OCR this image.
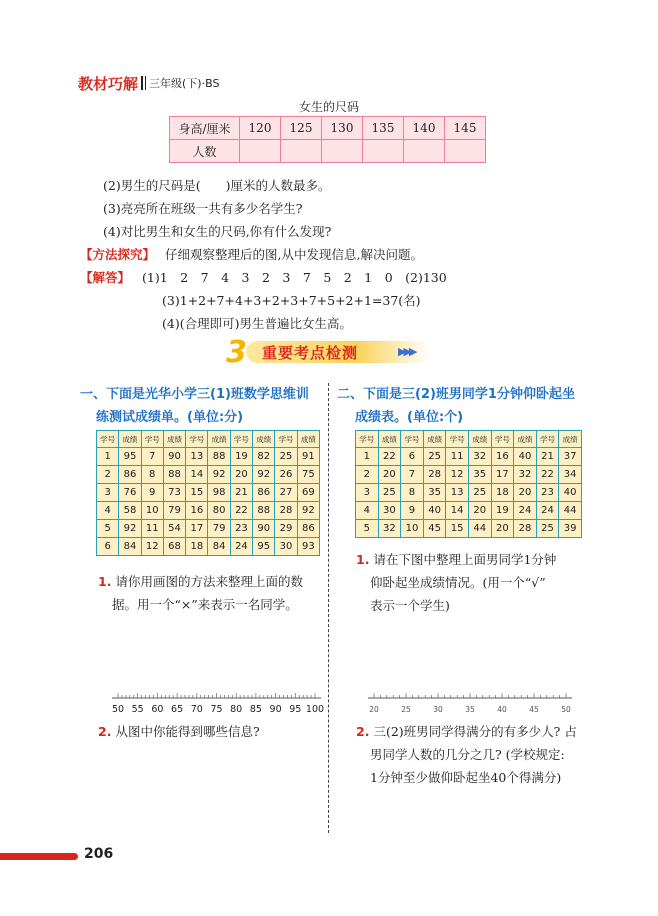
教材巧解 三年级(下)·BS
女生的尺码
身高/厘米	120	125	130	135	140	145
人数						
(2)男生的尺码是(　　)厘米的人数最多。
(3)亮亮所在班级一共有多少名学生?
(4)对比男生和女生的尺码,你有什么发现?
【方法探究】 仔细观察整理后的图,从中发现信息,解决问题。
【解答】 (1)1　2　7　4　3　2　3　7　5　2　1　0　(2)130
(3)1+2+7+4+3+2+3+7+5+2+1=37(名)
(4)(合理即可)男生普遍比女生高。
3 重要考点检测	▶▶▶
一、下面是光华小学三(1)班数学思维训
练测试成绩单。(单位:分)
学号	成绩	学号	成绩	学号	成绩	学号	成绩	学号	成绩
1	95	7	90	13	88	19	82	25	91
2	86	8	88	14	92	20	92	26	75
3	76	9	73	15	98	21	86	27	69
4	58	10	79	16	80	22	88	28	92
5	92	11	54	17	79	23	90	29	86
6	84	12	68	18	84	24	95	30	93
1. 请你用画图的方法来整理上面的数
据。用一个“×”来表示一名同学。
50 55 60 65 70 75 80 85 90 95 100
2. 从图中你能得到哪些信息?
二、下面是三(2)班男同学1分钟仰卧起坐
成绩表。(单位:个)
学号	成绩	学号	成绩	学号	成绩	学号	成绩	学号	成绩
1	22	6	25	11	32	16	40	21	37
2	20	7	28	12	35	17	32	22	34
3	25	8	35	13	25	18	20	23	40
4	30	9	40	14	20	19	24	24	44
5	32	10	45	15	44	20	28	25	39
1. 请在下图中整理上面男同学1分钟
仰卧起坐成绩情况。(用一个“√”
表示一个学生)
20	25	30	35	40	45	50
2. 三(2)班男同学得满分的有多少人? 占
男同学人数的几分之几? (学校规定:
1分钟至少做仰卧起坐40个得满分)
206
